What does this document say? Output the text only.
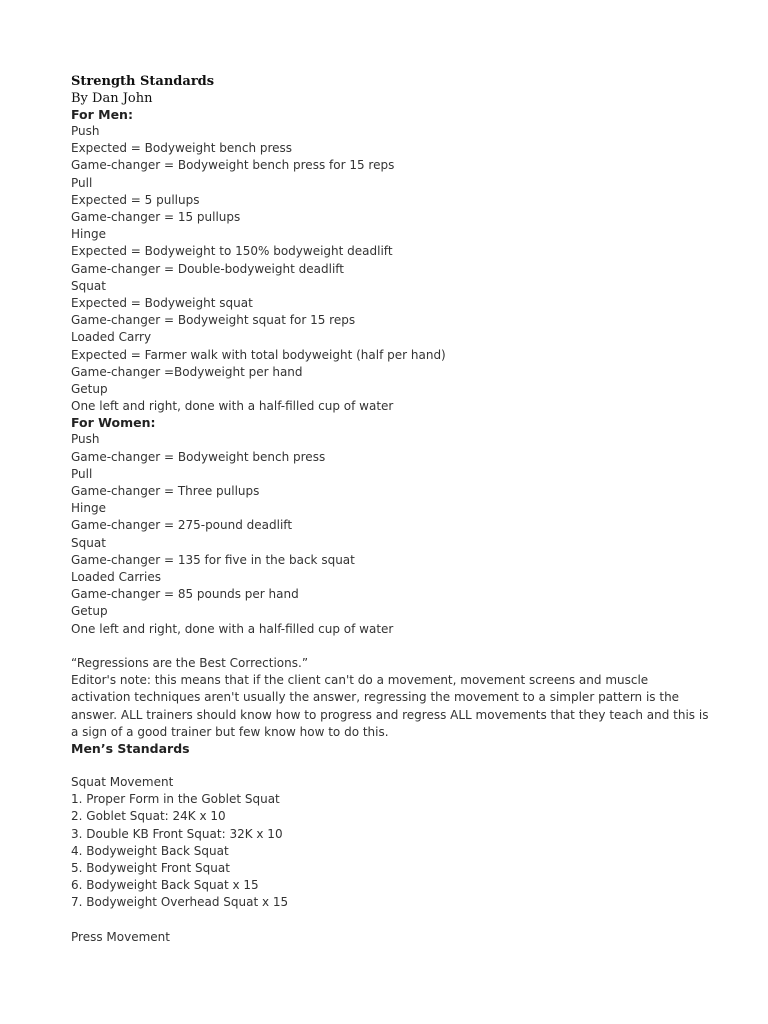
Strength Standards

By Dan John

For Men:

Push

Expected = Bodyweight bench press

Game-changer = Bodyweight bench press for 15 reps

Pull

Expected = 5 pullups

Game-changer = 15 pullups

Hinge

Expected = Bodyweight to 150% bodyweight deadlift

Game-changer = Double-bodyweight deadlift

Squat

Expected = Bodyweight squat

Game-changer = Bodyweight squat for 15 reps

Loaded Carry

Expected = Farmer walk with total bodyweight (half per hand)

Game-changer =Bodyweight per hand

Getup

One left and right, done with a half-filled cup of water

For Women:

Push

Game-changer = Bodyweight bench press

Pull

Game-changer = Three pullups

Hinge

Game-changer = 275-pound deadlift

Squat

Game-changer = 135 for five in the back squat

Loaded Carries

Game-changer = 85 pounds per hand

Getup

One left and right, done with a half-filled cup of water

“Regressions are the Best Corrections.”

Editor's note: this means that if the client can't do a movement, movement screens and muscle activation techniques aren't usually the answer, regressing the movement to a simpler pattern is the answer. ALL trainers should know how to progress and regress ALL movements that they teach and this is a sign of a good trainer but few know how to do this.

Men’s Standards

Squat Movement

1. Proper Form in the Goblet Squat

2. Goblet Squat: 24K x 10

3. Double KB Front Squat: 32K x 10

4. Bodyweight Back Squat

5. Bodyweight Front Squat

6. Bodyweight Back Squat x 15

7. Bodyweight Overhead Squat x 15

Press Movement
